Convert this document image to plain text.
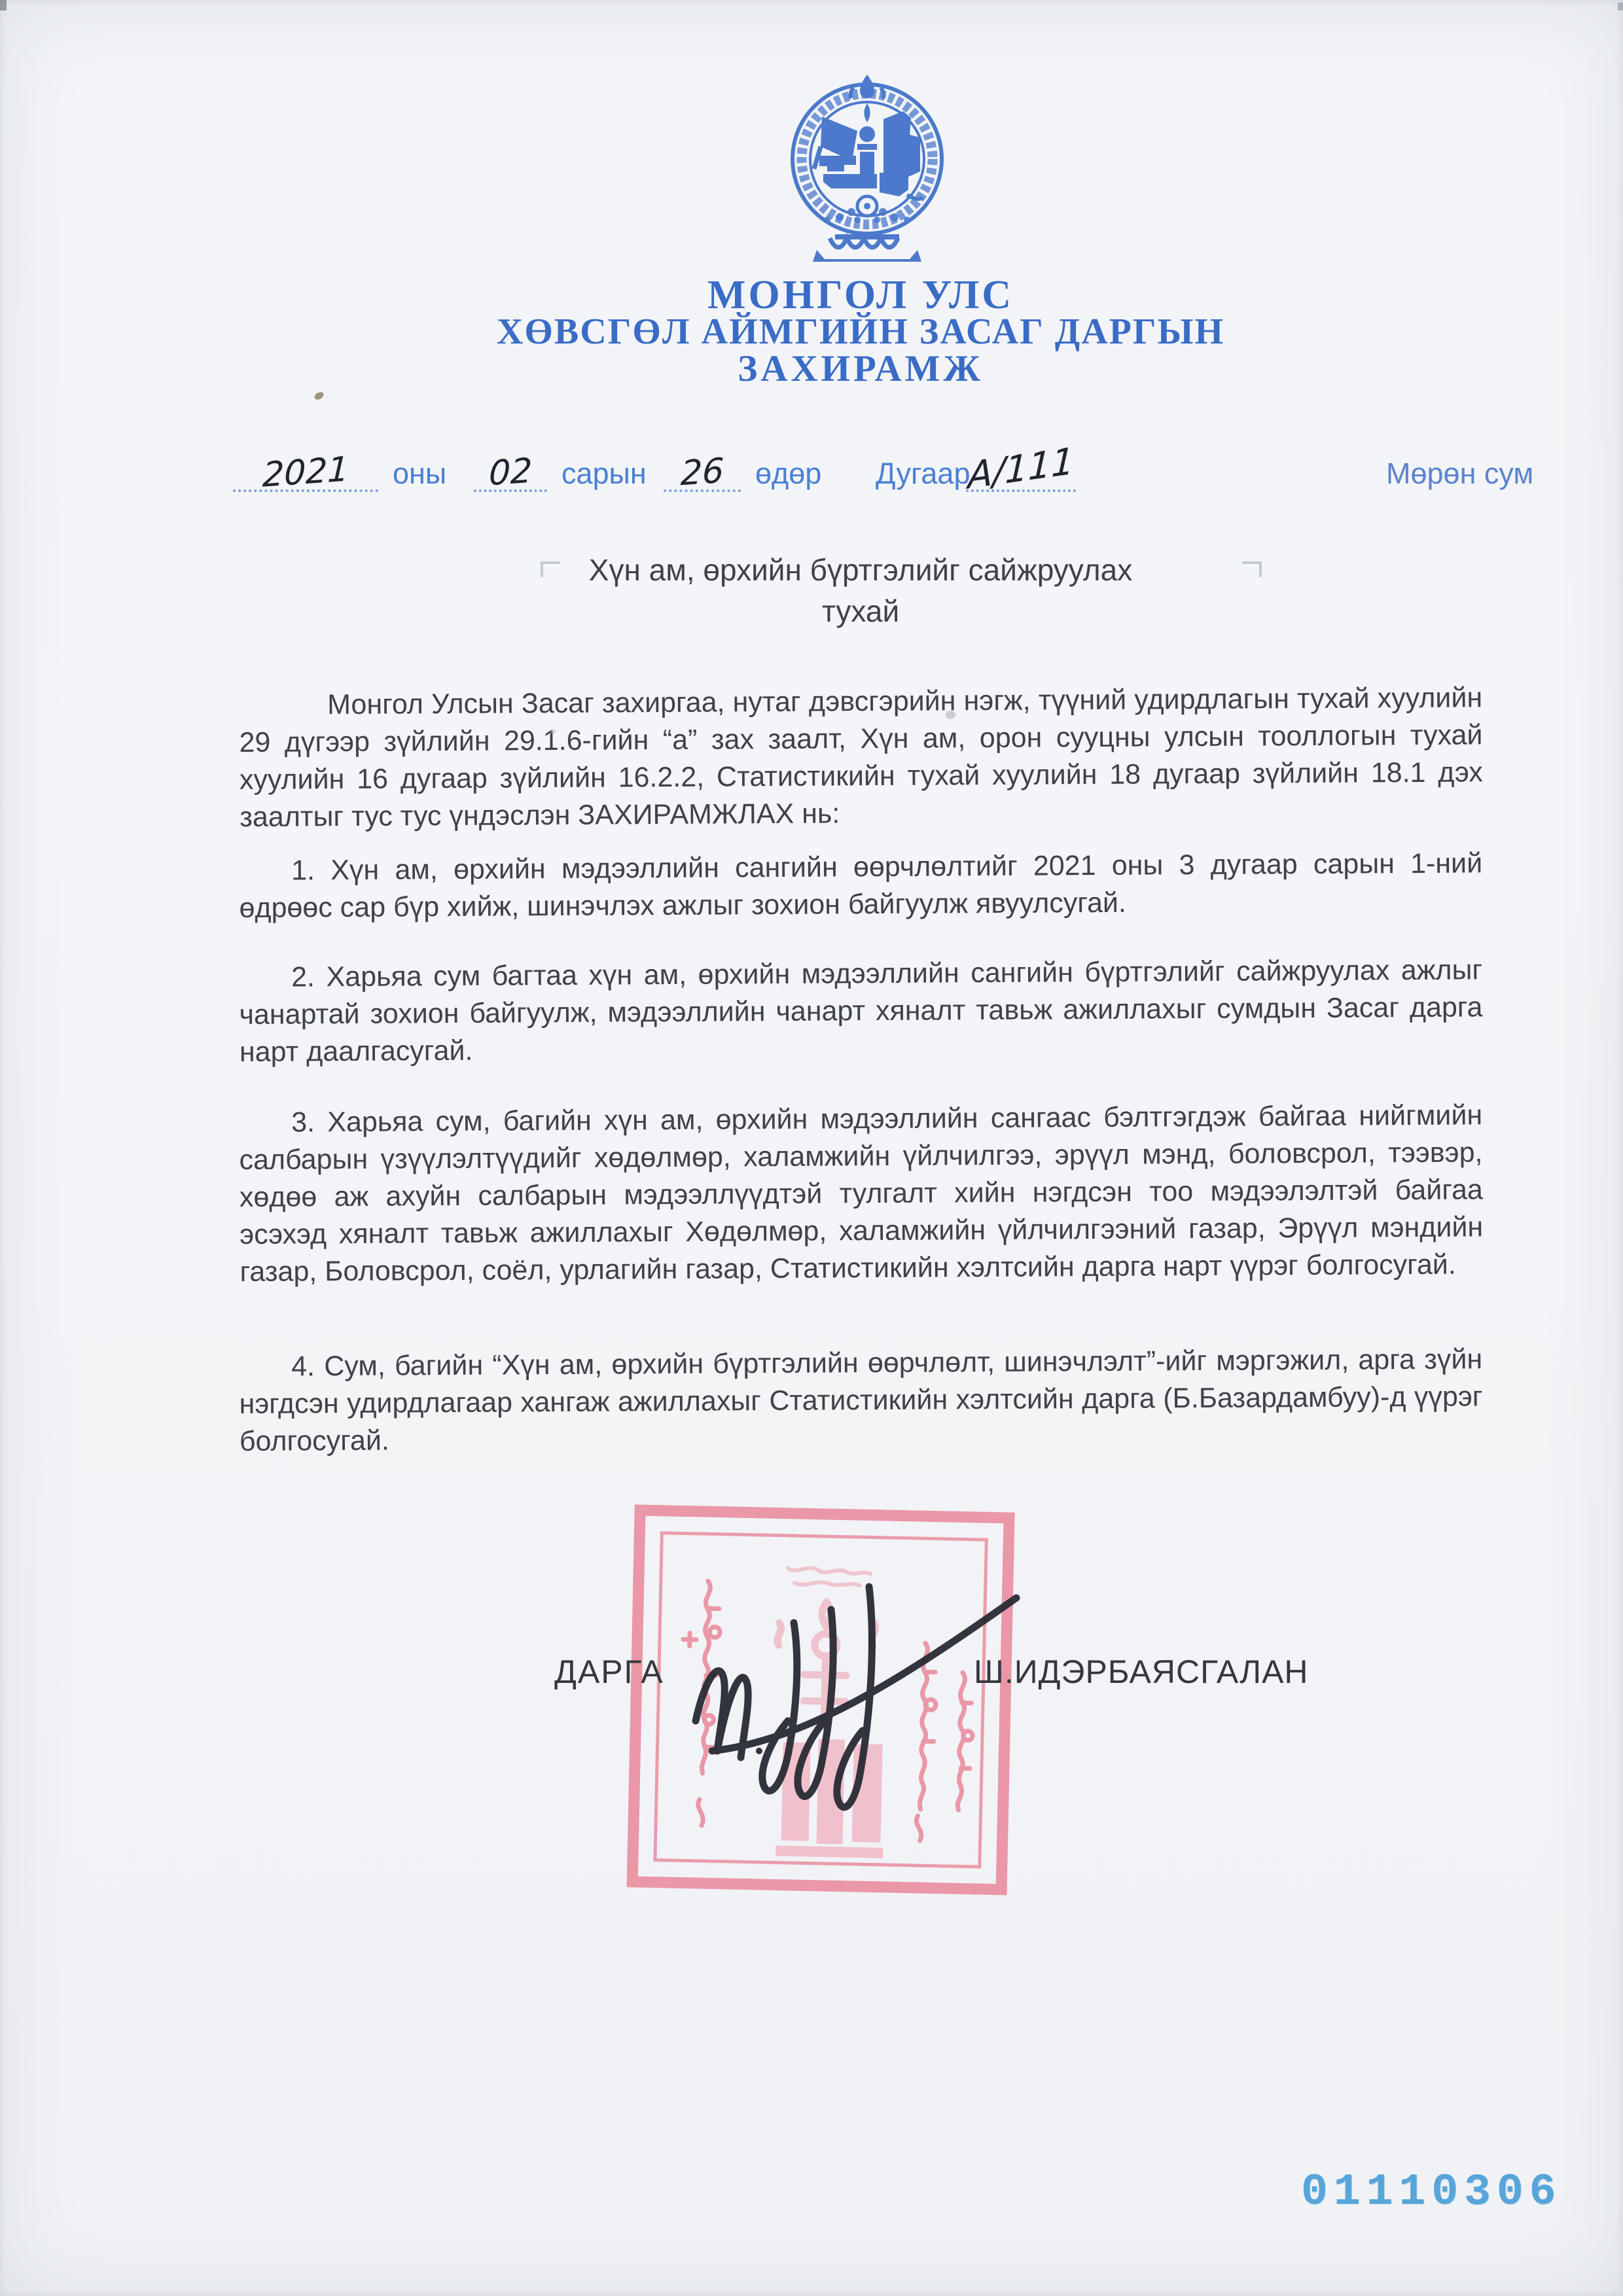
МОНГОЛ УЛС
ХӨВСГӨЛ АЙМГИЙН ЗАСАГ ДАРГЫН
ЗАХИРАМЖ
2021	оны	02 сарын 26	өдөр Дугаар
А/111	Мөрөн сум
Хүн ам, өрхийн бүртгэлийг сайжруулах
тухай

Монгол Улсын Засаг захиргаа, нутаг дэвсгэрийн нэгж, түүний удирдлагын тухай хуулийн 29 дүгээр зүйлийн 29.1.6-гийн “а” зах заалт, Хүн ам, орон сууцны улсын тооллогын тухай хуулийн 16 дугаар зүйлийн 16.2.2, Статистикийн тухай хуулийн 18 дугаар зүйлийн 18.1 дэх заалтыг тус тус үндэслэн ЗАХИРАМЖЛАХ нь:

1. Хүн ам, өрхийн мэдээллийн сангийн өөрчлөлтийг 2021 оны 3 дугаар сарын 1-ний өдрөөс сар бүр хийж, шинэчлэх ажлыг зохион байгуулж явуулсугай.

2. Харьяа сум багтаа хүн ам, өрхийн мэдээллийн сангийн бүртгэлийг сайжруулах ажлыг чанартай зохион байгуулж, мэдээллийн чанарт хяналт тавьж ажиллахыг сумдын Засаг дарга нарт даалгасугай.

3. Харьяа сум, багийн хүн ам, өрхийн мэдээллийн сангаас бэлтгэгдэж байгаа нийгмийн салбарын үзүүлэлтүүдийг хөдөлмөр, халамжийн үйлчилгээ, эрүүл мэнд, боловсрол, тээвэр, хөдөө аж ахуйн салбарын мэдээллүүдтэй тулгалт хийн нэгдсэн тоо мэдээлэлтэй байгаа эсэхэд хяналт тавьж ажиллахыг Хөдөлмөр, халамжийн үйлчилгээний газар, Эрүүл мэндийн газар, Боловсрол, соёл, урлагийн газар, Статистикийн хэлтсийн дарга нарт үүрэг болгосугай.

4. Сум, багийн “Хүн ам, өрхийн бүртгэлийн өөрчлөлт, шинэчлэлт”-ийг мэргэжил, арга зүйн нэгдсэн удирдлагаар хангаж ажиллахыг Статистикийн хэлтсийн дарга (Б.Базардамбуу)-д үүрэг болгосугай.

ДАРГА	Ш.ИДЭРБАЯСГАЛАН
01110306
